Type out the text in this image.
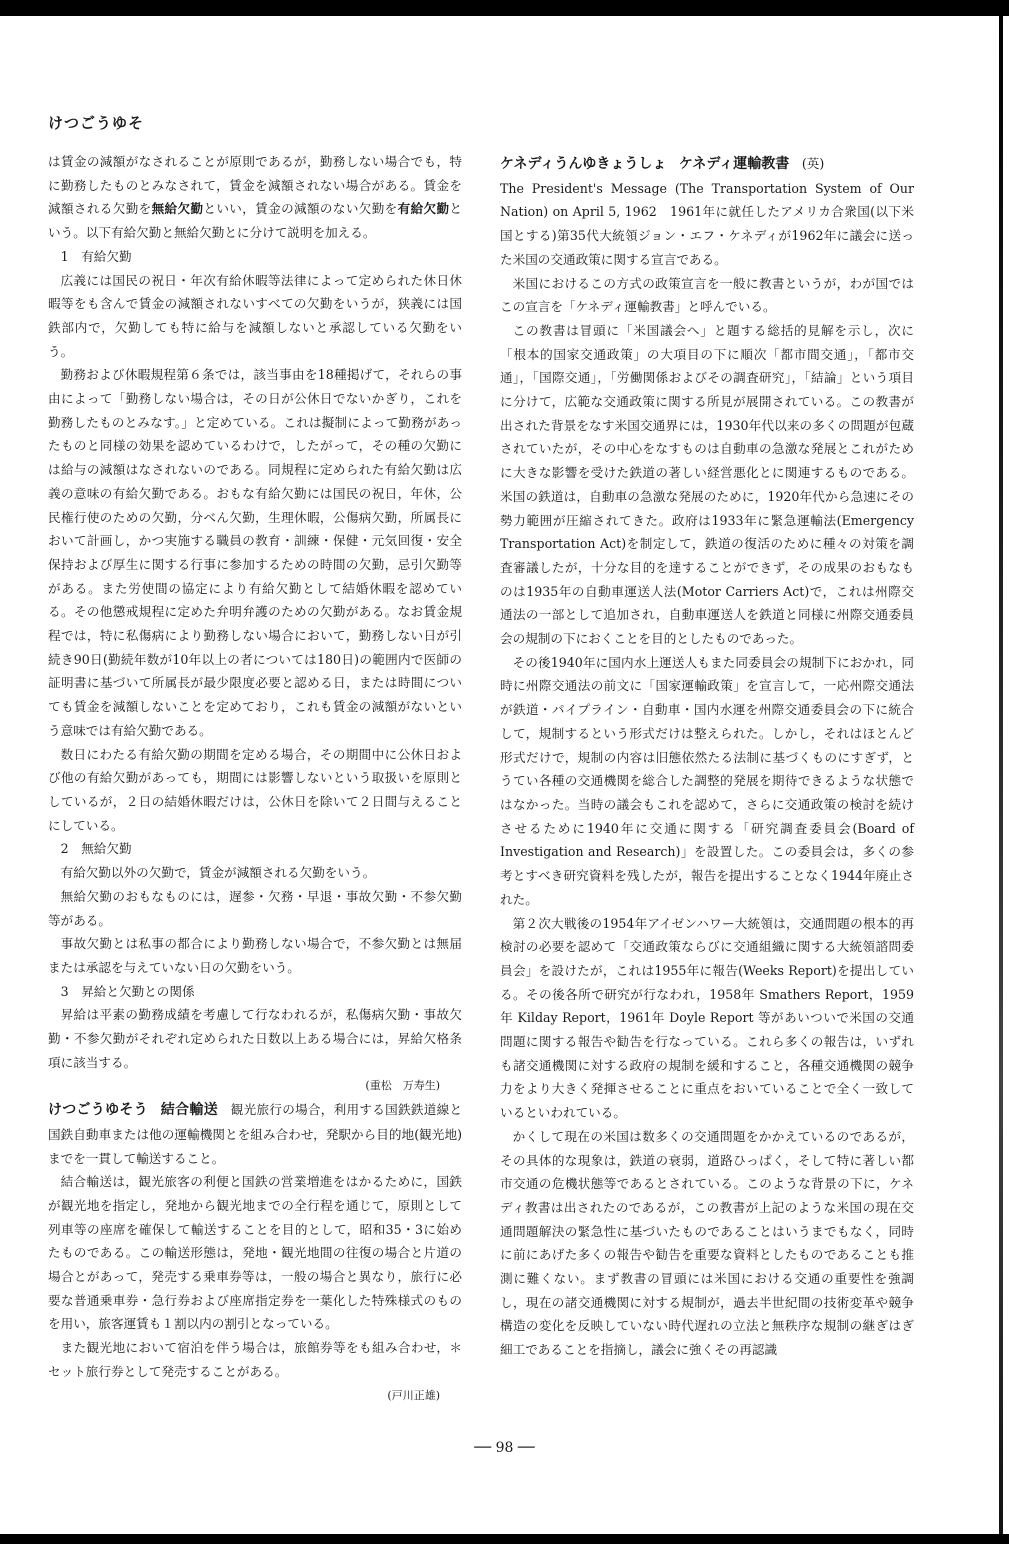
けつごうゆそ

は賃金の減額がなされることが原則であるが，勤務しない場合でも，特に勤務したものとみなされて，賃金を減額されない場合がある。賃金を減額される欠勤を無給欠勤といい，賃金の減額のない欠勤を有給欠勤という。以下有給欠勤と無給欠勤とに分けて説明を加える。

1　有給欠勤

広義には国民の祝日・年次有給休暇等法律によって定められた休日休暇等をも含んで賃金の減額されないすべての欠勤をいうが，狭義には国鉄部内で，欠勤しても特に給与を減額しないと承認している欠勤をいう。

勤務および休暇規程第６条では，該当事由を18種掲げて，それらの事由によって「勤務しない場合は，その日が公休日でないかぎり，これを勤務したものとみなす。」と定めている。これは擬制によって勤務があったものと同様の効果を認めているわけで，したがって，その種の欠勤には給与の減額はなされないのである。同規程に定められた有給欠勤は広義の意味の有給欠勤である。おもな有給欠勤には国民の祝日，年休，公民権行使のための欠勤，分べん欠勤，生理休暇，公傷病欠勤，所属長において計画し，かつ実施する職員の教育・訓練・保健・元気回復・安全保持および厚生に関する行事に参加するための時間の欠勤，忌引欠勤等がある。また労使間の協定により有給欠勤として結婚休暇を認めている。その他懲戒規程に定めた弁明弁護のための欠勤がある。なお賃金規程では，特に私傷病により勤務しない場合において，勤務しない日が引続き90日(勤続年数が10年以上の者については180日)の範囲内で医師の証明書に基づいて所属長が最少限度必要と認める日，または時間についても賃金を減額しないことを定めており，これも賃金の減額がないという意味では有給欠勤である。

数日にわたる有給欠勤の期間を定める場合，その期間中に公休日および他の有給欠勤があっても，期間には影響しないという取扱いを原則としているが，２日の結婚休暇だけは，公休日を除いて２日間与えることにしている。

2　無給欠勤

有給欠勤以外の欠勤で，賃金が減額される欠勤をいう。

無給欠勤のおもなものには，遅参・欠務・早退・事故欠勤・不参欠勤等がある。

事故欠勤とは私事の都合により勤務しない場合で，不参欠勤とは無届または承認を与えていない日の欠勤をいう。

3　昇給と欠勤との関係

昇給は平素の勤務成績を考慮して行なわれるが，私傷病欠勤・事故欠勤・不参欠勤がそれぞれ定められた日数以上ある場合には，昇給欠格条項に該当する。

(重松　万寿生)

けつごうゆそう　 結合輸送　 観光旅行の場合，利用する国鉄鉄道線と国鉄自動車または他の運輸機関とを組み合わせ，発駅から目的地(観光地)までを一貫して輸送すること。

結合輸送は，観光旅客の利便と国鉄の営業増進をはかるために，国鉄が観光地を指定し，発地から観光地までの全行程を通じて，原則として列車等の座席を確保して輸送することを目的として，昭和35・3に始めたものである。この輸送形態は，発地・観光地間の往復の場合と片道の場合とがあって，発売する乗車券等は，一般の場合と異なり，旅行に必要な普通乗車券・急行券および座席指定券を一葉化した特殊様式のものを用い，旅客運賃も１割以内の割引となっている。

また観光地において宿泊を伴う場合は，旅館券等をも組み合わせ，＊セット旅行券として発売することがある。

(戸川正雄)

ケネディうんゆきょうしょ　 ケネディ運輸教書　 (英)

The President's Message (The Transportation System of Our Nation) on April 5, 1962　1961年に就任したアメリカ合衆国(以下米国とする)第35代大統領ジョン・エフ・ケネディが1962年に議会に送った米国の交通政策に関する宣言である。

米国におけるこの方式の政策宣言を一般に教書というが，わが国ではこの宣言を「ケネディ運輸教書」と呼んでいる。

この教書は冒頭に「米国議会へ」と題する総括的見解を示し，次に「根本的国家交通政策」の大項目の下に順次「都市間交通」，「都市交通」，「国際交通」，「労働関係およびその調査研究」，「結論」という項目に分けて，広範な交通政策に関する所見が展開されている。この教書が出された背景をなす米国交通界には，1930年代以来の多くの問題が包蔵されていたが，その中心をなすものは自動車の急激な発展とこれがために大きな影響を受けた鉄道の著しい経営悪化とに関連するものである。米国の鉄道は，自動車の急激な発展のために，1920年代から急速にその勢力範囲が圧縮されてきた。政府は1933年に緊急運輸法(Emergency Transportation Act)を制定して，鉄道の復活のために種々の対策を調査審議したが，十分な目的を達することができず，その成果のおもなものは1935年の自動車運送人法(Motor Carriers Act)で，これは州際交通法の一部として追加され，自動車運送人を鉄道と同様に州際交通委員会の規制の下におくことを目的としたものであった。

その後1940年に国内水上運送人もまた同委員会の規制下におかれ，同時に州際交通法の前文に「国家運輸政策」を宣言して，一応州際交通法が鉄道・パイプライン・自動車・国内水運を州際交通委員会の下に統合して，規制するという形式だけは整えられた。しかし，それはほとんど形式だけで，規制の内容は旧態依然たる法制に基づくものにすぎず，とうてい各種の交通機関を総合した調整的発展を期待できるような状態ではなかった。当時の議会もこれを認めて，さらに交通政策の検討を続けさせるために1940年に交通に関する「研究調査委員会(Board of Investigation and Research)」を設置した。この委員会は，多くの参考とすべき研究資料を残したが，報告を提出することなく1944年廃止された。

第２次大戦後の1954年アイゼンハワー大統領は，交通問題の根本的再検討の必要を認めて「交通政策ならびに交通組織に関する大統領諮問委員会」を設けたが，これは1955年に報告(Weeks Report)を提出している。その後各所で研究が行なわれ，1958年 Smathers Report，1959年 Kilday Report，1961年 Doyle Report 等があいついで米国の交通問題に関する報告や勧告を行なっている。これら多くの報告は，いずれも諸交通機関に対する政府の規制を緩和すること，各種交通機関の競争力をより大きく発揮させることに重点をおいていることで全く一致しているといわれている。

かくして現在の米国は数多くの交通問題をかかえているのであるが，その具体的な現象は，鉄道の衰弱，道路ひっぱく，そして特に著しい都市交通の危機状態等であるとされている。このような背景の下に，ケネディ教書は出されたのであるが，この教書が上記のような米国の現在交通問題解決の緊急性に基づいたものであることはいうまでもなく，同時に前にあげた多くの報告や勧告を重要な資料としたものであることも推測に難くない。まず教書の冒頭には米国における交通の重要性を強調し，現在の諸交通機関に対する規制が，過去半世紀間の技術変革や競争構造の変化を反映していない時代遅れの立法と無秩序な規制の継ぎはぎ細工であることを指摘し，議会に強くその再認識

── 98 ──
